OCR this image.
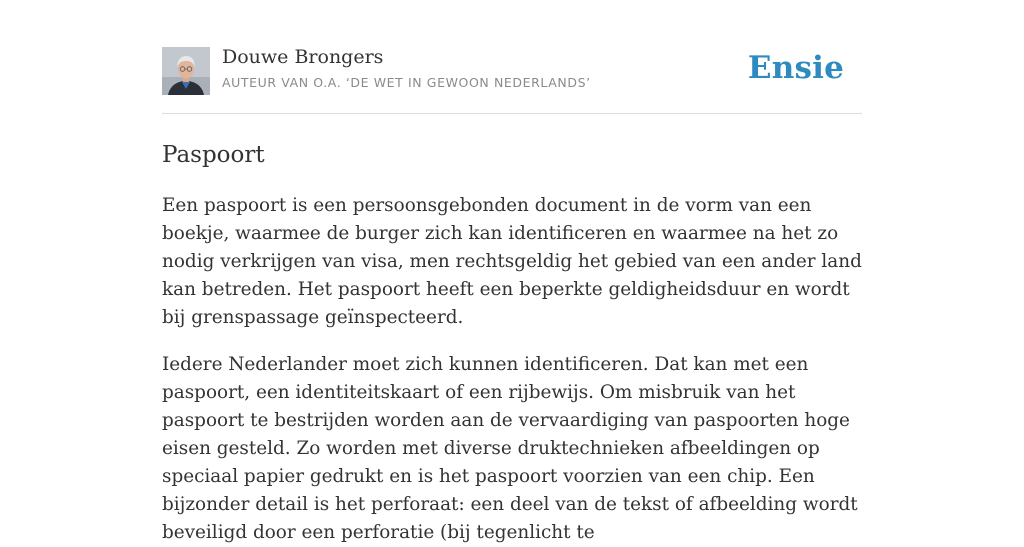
Douwe Brongers
AUTEUR VAN O.A. ‘DE WET IN GEWOON NEDERLANDS’	Ensie
Paspoort

Een paspoort is een persoonsgebonden document in de vorm van een boekje, waarmee de burger zich kan identificeren en waarmee na het zo nodig verkrijgen van visa, men rechtsgeldig het gebied van een ander land kan betreden. Het paspoort heeft een beperkte geldigheidsduur en wordt bij grenspassage geïnspecteerd.

Iedere Nederlander moet zich kunnen identificeren. Dat kan met een paspoort, een identiteitskaart of een rijbewijs. Om misbruik van het paspoort te bestrijden worden aan de vervaardiging van paspoorten hoge eisen gesteld. Zo worden met diverse druktechnieken afbeeldingen op speciaal papier gedrukt en is het paspoort voorzien van een chip. Een bijzonder detail is het perforaat: een deel van de tekst of afbeelding wordt beveiligd door een perforatie (bij tegenlicht te
